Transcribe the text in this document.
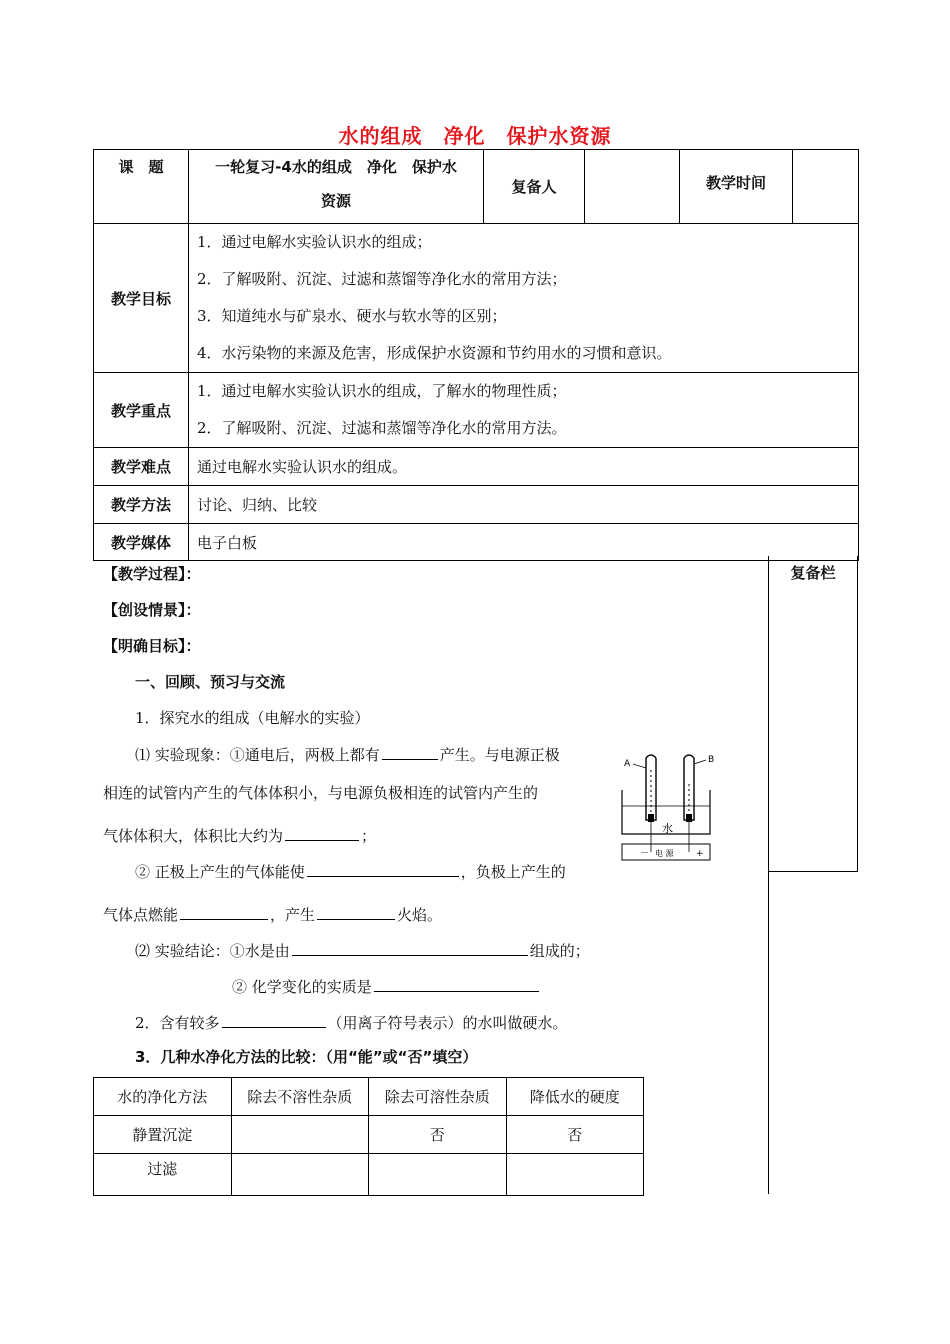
水的组成　净化　保护水资源
课　题	一轮复习-4水的组成　净化　保护水
资源	复备人		教学时间	
教学目标	1．通过电解水实验认识水的组成；
2．了解吸附、沉淀、过滤和蒸馏等净化水的常用方法；
3．知道纯水与矿泉水、硬水与软水等的区别；
4．水污染物的来源及危害，形成保护水资源和节约用水的习惯和意识。				

教学重点	1．通过电解水实验认识水的组成，了解水的物理性质；
2．了解吸附、沉淀、过滤和蒸馏等净化水的常用方法。				

教学难点	通过电解水实验认识水的组成。				
教学方法	讨论、归纳、比较				
教学媒体	电子白板				
复备栏
【教学过程】：
【创设情景】：
【明确目标】：
一、回顾、预习与交流
1．探究水的组成（电解水的实验）
⑴ 实验现象：①通电后，两极上都有	产生。与电源正极
相连的试管内产生的气体体积小，与电源负极相连的试管内产生的
气体体积大，体积比大约为	；
② 正极上产生的气体能使	，负极上产生的
气体点燃能	，产生	火焰。
⑵ 实验结论：①水是由	组成的；
② 化学变化的实质是
2．含有较多	（用离子符号表示）的水叫做硬水。
3．几种水净化方法的比较：（用“能”或“否”填空）
A	B
水
电 源
－	+
水的净化方法	除去不溶性杂质	除去可溶性杂质	降低水的硬度
静置沉淀		否	否
过滤			
